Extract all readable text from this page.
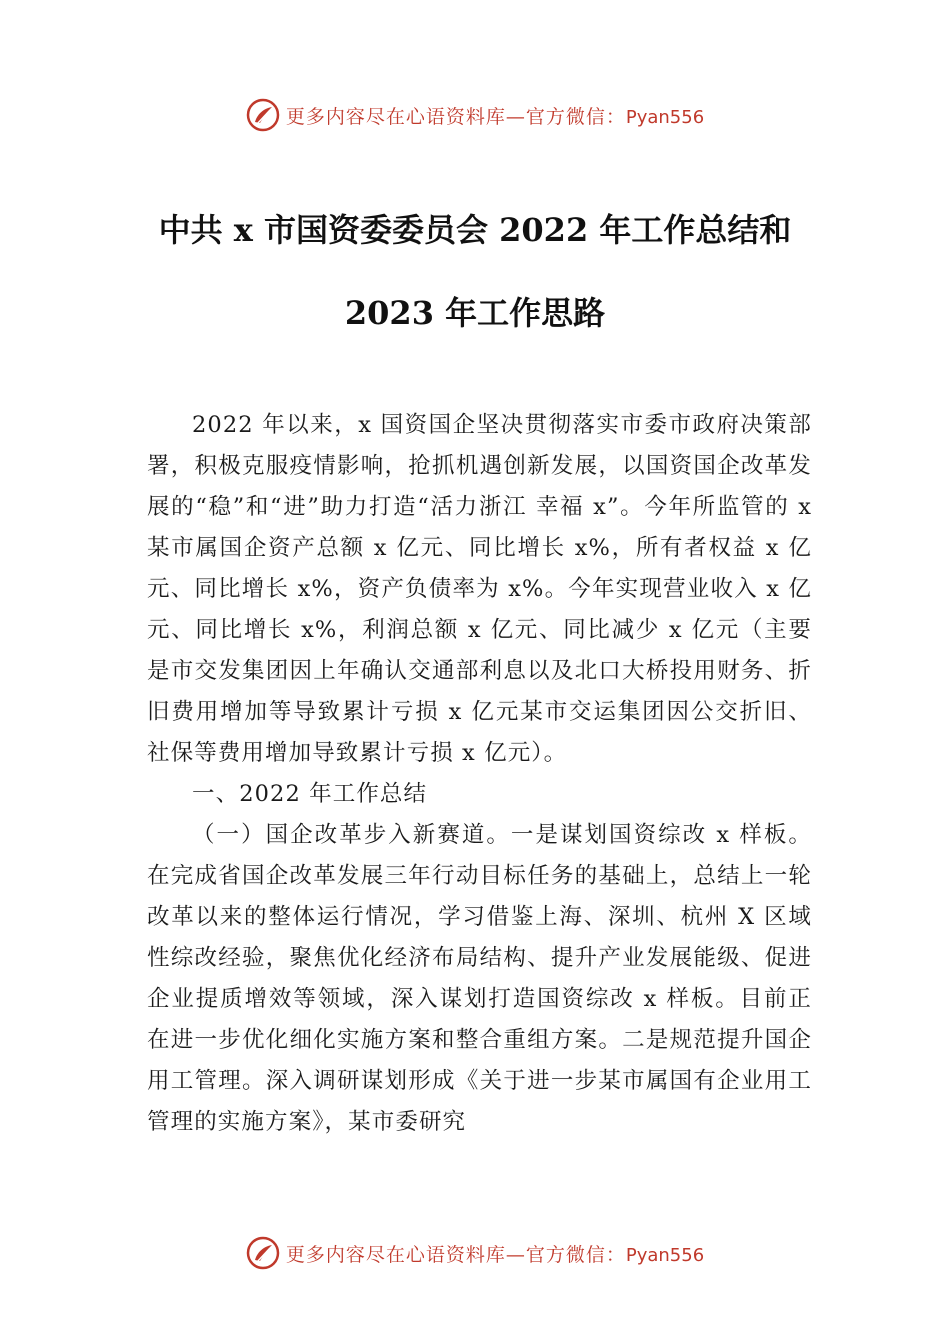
更多内容尽在心语资料库—官方微信：Pyan556
中共 x 市国资委委员会 2022 年工作总结和
2023 年工作思路

2022 年以来，x 国资国企坚决贯彻落实市委市政府决策部署，积极克服疫情影响，抢抓机遇创新发展，以国资国企改革发展的“稳”和“进”助力打造“活力浙江 幸福 x”。今年所监管的 x 某市属国企资产总额 x 亿元、同比增长 x%，所有者权益 x 亿元、同比增长 x%，资产负债率为 x%。今年实现营业收入 x 亿元、同比增长 x%，利润总额 x 亿元、同比减少 x 亿元（主要是市交发集团因上年确认交通部利息以及北口大桥投用财务、折旧费用增加等导致累计亏损 x 亿元某市交运集团因公交折旧、社保等费用增加导致累计亏损 x 亿元）。

一、2022 年工作总结

（一）国企改革步入新赛道。一是谋划国资综改 x 样板。在完成省国企改革发展三年行动目标任务的基础上，总结上一轮改革以来的整体运行情况，学习借鉴上海、深圳、杭州 X 区域性综改经验，聚焦优化经济布局结构、提升产业发展能级、促进企业提质增效等领域，深入谋划打造国资综改 x 样板。目前正在进一步优化细化实施方案和整合重组方案。二是规范提升国企用工管理。深入调研谋划形成《关于进一步某市属国有企业用工管理的实施方案》，某市委研究

更多内容尽在心语资料库—官方微信：Pyan556
